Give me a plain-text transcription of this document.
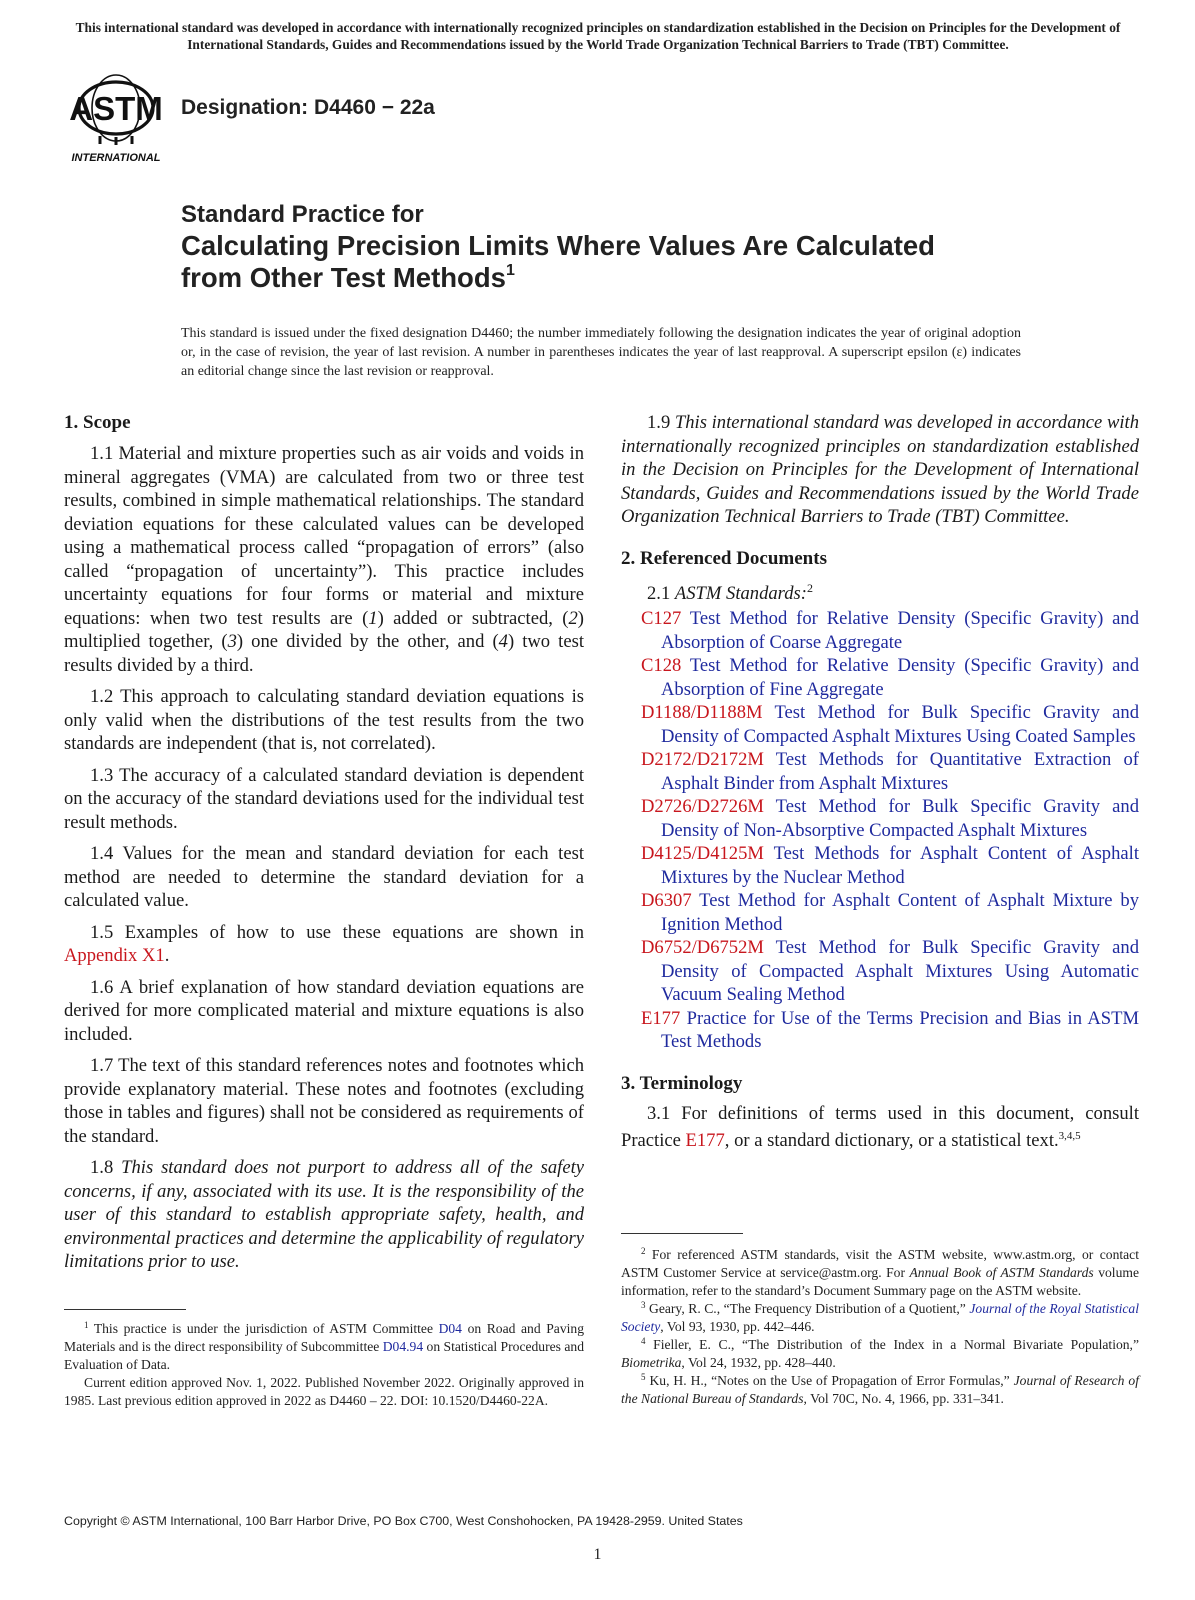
This international standard was developed in accordance with internationally recognized principles on standardization established in the Decision on Principles for the Development of International Standards, Guides and Recommendations issued by the World Trade Organization Technical Barriers to Trade (TBT) Committee.
ASTM
INTERNATIONAL
Designation: D4460 − 22a
Standard Practice for
Calculating Precision Limits Where Values Are Calculated
from Other Test Methods$^1$
This standard is issued under the fixed designation D4460; the number immediately following the designation indicates the year of original adoption or, in the case of revision, the year of last revision. A number in parentheses indicates the year of last reapproval. A superscript epsilon (ε) indicates an editorial change since the last revision or reapproval.
1. Scope

1.1 Material and mixture properties such as air voids and voids in mineral aggregates (VMA) are calculated from two or three test results, combined in simple mathematical relationships. The standard deviation equations for these calculated values can be developed using a mathematical process called “propagation of errors” (also called “propagation of uncertainty”). This practice includes uncertainty equations for four forms or material and mixture equations: when two test results are (1) added or subtracted, (2) multiplied together, (3) one divided by the other, and (4) two test results divided by a third.

1.2 This approach to calculating standard deviation equations is only valid when the distributions of the test results from the two standards are independent (that is, not correlated).

1.3 The accuracy of a calculated standard deviation is dependent on the accuracy of the standard deviations used for the individual test result methods.

1.4 Values for the mean and standard deviation for each test method are needed to determine the standard deviation for a calculated value.

1.5 Examples of how to use these equations are shown in Appendix X1.

1.6 A brief explanation of how standard deviation equations are derived for more complicated material and mixture equations is also included.

1.7 The text of this standard references notes and footnotes which provide explanatory material. These notes and footnotes (excluding those in tables and figures) shall not be considered as requirements of the standard.

1.8 This standard does not purport to address all of the safety concerns, if any, associated with its use. It is the responsibility of the user of this standard to establish appropriate safety, health, and environmental practices and determine the applicability of regulatory limitations prior to use.

1.9 This international standard was developed in accordance with internationally recognized principles on standardization established in the Decision on Principles for the Development of International Standards, Guides and Recommendations issued by the World Trade Organization Technical Barriers to Trade (TBT) Committee.

2. Referenced Documents

2.1 ASTM Standards:$^2$

C127 Test Method for Relative Density (Specific Gravity) and Absorption of Coarse Aggregate
C128 Test Method for Relative Density (Specific Gravity) and Absorption of Fine Aggregate
D1188/D1188M Test Method for Bulk Specific Gravity and Density of Compacted Asphalt Mixtures Using Coated Samples
D2172/D2172M Test Methods for Quantitative Extraction of Asphalt Binder from Asphalt Mixtures
D2726/D2726M Test Method for Bulk Specific Gravity and Density of Non-Absorptive Compacted Asphalt Mixtures
D4125/D4125M Test Methods for Asphalt Content of Asphalt Mixtures by the Nuclear Method
D6307 Test Method for Asphalt Content of Asphalt Mixture by Ignition Method
D6752/D6752M Test Method for Bulk Specific Gravity and Density of Compacted Asphalt Mixtures Using Automatic Vacuum Sealing Method
E177 Practice for Use of the Terms Precision and Bias in ASTM Test Methods
3. Terminology

3.1 For definitions of terms used in this document, consult Practice E177, or a standard dictionary, or a statistical text.$^{3,4,5}$

$^1$ This practice is under the jurisdiction of ASTM Committee D04 on Road and Paving Materials and is the direct responsibility of Subcommittee D04.94 on Statistical Procedures and Evaluation of Data.

Current edition approved Nov. 1, 2022. Published November 2022. Originally approved in 1985. Last previous edition approved in 2022 as D4460 – 22. DOI: 10.1520/D4460-22A.

$^2$ For referenced ASTM standards, visit the ASTM website, www.astm.org, or contact ASTM Customer Service at service@astm.org. For Annual Book of ASTM Standards volume information, refer to the standard’s Document Summary page on the ASTM website.

$^3$ Geary, R. C., “The Frequency Distribution of a Quotient,” Journal of the Royal Statistical Society, Vol 93, 1930, pp. 442–446.

$^4$ Fieller, E. C., “The Distribution of the Index in a Normal Bivariate Population,” Biometrika, Vol 24, 1932, pp. 428–440.

$^5$ Ku, H. H., “Notes on the Use of Propagation of Error Formulas,” Journal of Research of the National Bureau of Standards, Vol 70C, No. 4, 1966, pp. 331–341.

Copyright © ASTM International, 100 Barr Harbor Drive, PO Box C700, West Conshohocken, PA 19428-2959. United States
1
